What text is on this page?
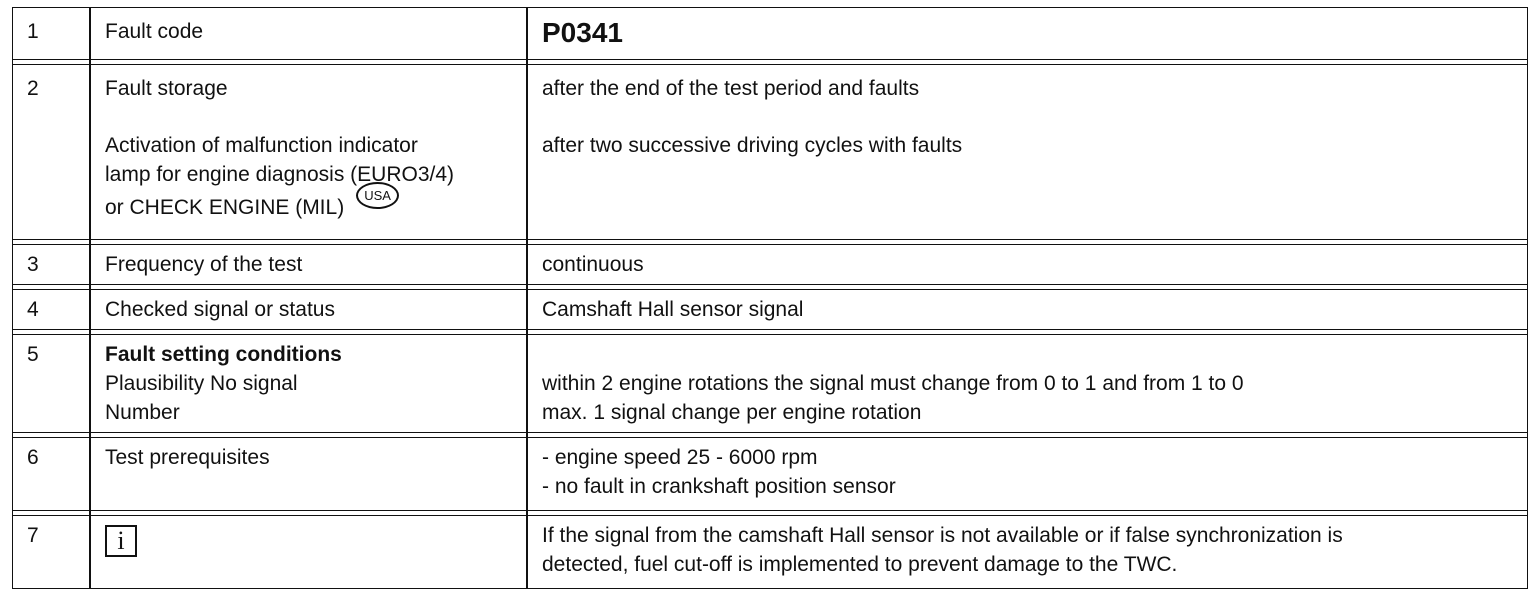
1	Fault code	P0341

2	Fault storage
Activation of malfunction indicator
lamp for engine diagnosis (EURO3/4)
or CHECK ENGINE (MIL)USA	after the end of the test period and faults
after two successive driving cycles with faults

3	Frequency of the test	continuous

4	Checked signal or status	Camshaft Hall sensor signal

5	Fault setting conditions
Plausibility No signal
Number	within 2 engine rotations the signal must change from 0 to 1 and from 1 to 0
max. 1 signal change per engine rotation

6	Test prerequisites	- engine speed 25 - 6000 rpm
- no fault in crankshaft position sensor

7	i	If the signal from the camshaft Hall sensor is not available or if false synchronization is
detected, fuel cut-off is implemented to prevent damage to the TWC.
